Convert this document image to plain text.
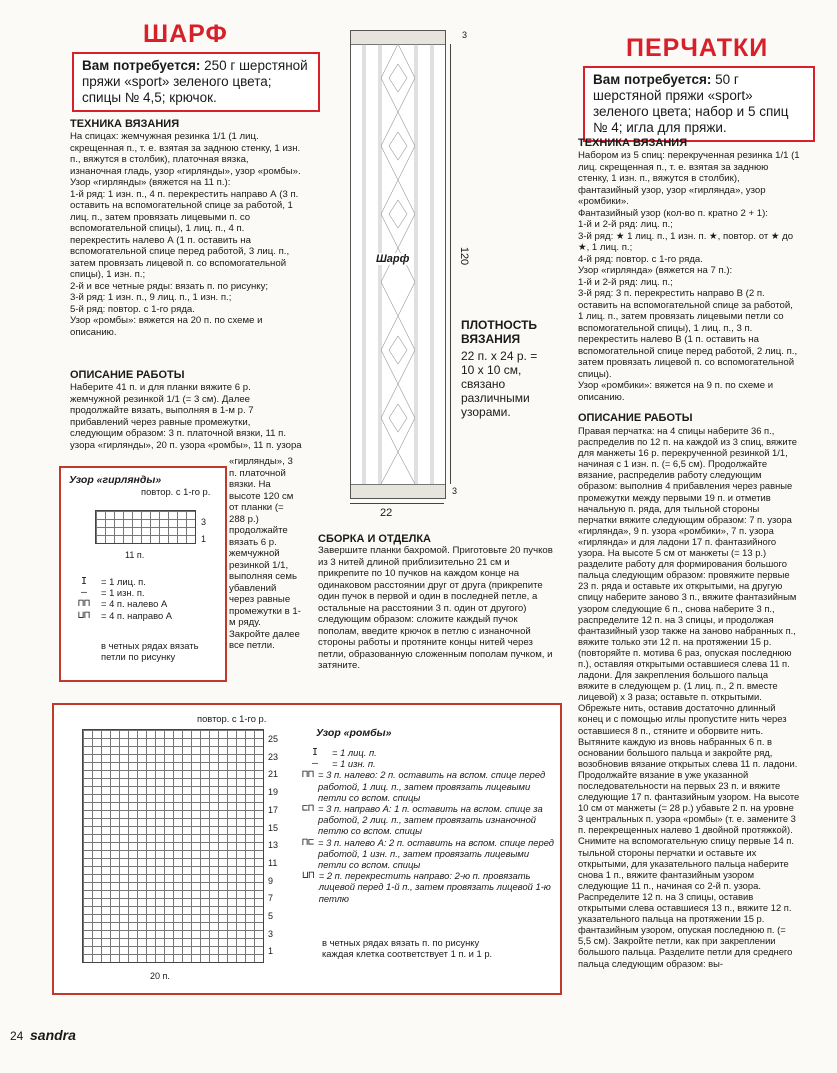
ШАРФ
Вам потребуется: 250 г шерстяной пряжи «sport» зеленого цвета; спицы № 4,5; крючок.
ТЕХНИКА ВЯЗАНИЯ
На спицах: жемчужная резинка 1/1 (1 лиц. скрещенная п., т. е. взятая за заднюю стенку, 1 изн. п., вяжутся в столбик), платочная вязка, изнаночная гладь, узор «гирлянды», узор «ромбы».
Узор «гирлянды» (вяжется на 11 п.):
1-й ряд: 1 изн. п., 4 п. перекрестить направо А (3 п. оставить на вспомогательной спице за работой, 1 лиц. п., затем провязать лицевыми п. со вспомогательной спицы), 1 лиц. п., 4 п. перекрестить налево А (1 п. оставить на вспомогательной спице перед работой, 3 лиц. п., затем провязать лицевой п. со вспомогательной спицы), 1 изн. п.;
2-й и все четные ряды: вязать п. по рисунку;
3-й ряд: 1 изн. п., 9 лиц. п., 1 изн. п.;
5-й ряд: повтор. с 1-го ряда.
Узор «ромбы»: вяжется на 20 п. по схеме и описанию.
ОПИСАНИЕ РАБОТЫ
Наберите 41 п. и для планки вяжите 6 р. жемчужной резинкой 1/1 (= 3 см). Далее продолжайте вязать, выполняя в 1-м р. 7 прибавлений через равные промежутки, следующим образом: 3 п. платочной вязки, 11 п. узора «гирлянды», 20 п. узора «ромбы», 11 п. узора
«гирлянды», 3 п. платочной вязки. На высоте 120 см от планки (= 288 р.) продолжайте вязать 6 р. жемчужной резинкой 1/1, выполняя семь убавлений через равные промежутки в 1-м ряду. Закройте далее все петли.
Узор «гирлянды»
повтор. с 1-го р.
3
1
11 п.
I	= 1 лиц. п.
–	= 1 изн. п.
⊓⊓	= 4 п. налево А
⊔⊓	= 4 п. направо А
в четных рядах вязать петли по рисунку
Шарф
3
120
3
22
ПЛОТНОСТЬ ВЯЗАНИЯ
22 п. х 24 р. = 10 х 10 см, связано различными узорами.
СБОРКА И ОТДЕЛКА
Завершите планки бахромой. Приготовьте 20 пучков из 3 нитей длиной приблизительно 21 см и прикрепите по 10 пучков на каждом конце на одинаковом расстоянии друг от друга (прикрепите один пучок в первой и один в последней петле, а остальные на расстоянии 3 п. один от другого) следующим образом: сложите каждый пучок пополам, введите крючок в петлю с изнаночной стороны работы и протяните концы нитей через петли, образованную сложенным пополам пучком, и затяните.
повтор. с 1-го р.
25
23
21
19
17
15
13
11
9
7
5
3
1
20 п.
Узор «ромбы»
I	= 1 лиц. п.
–	= 1 изн. п.
⊓⊓ = 3 п. налево: 2 п. оставить на вспом. спице перед работой, 1 лиц. п., затем провязать лицевыми петли со вспом. спицы
⊏⊓ = 3 п. направо А: 1 п. оставить на вспом. спице за работой, 2 лиц. п., затем провязать изнаночной петлю со вспом. спицы
⊓⊏ = 3 п. налево А: 2 п. оставить на вспом. спице перед работой, 1 изн. п., затем провязать лицевыми петли со вспом. спицы
⊔⊓ = 2 п. перекрестить направо: 2-ю п. провязать лицевой перед 1-й п., затем провязать лицевой 1-ю петлю
в четных рядах вязать п. по рисунку
каждая клетка соответствует 1 п. и 1 р.
ПЕРЧАТКИ
Вам потребуется: 50 г шерстяной пряжи «sport» зеленого цвета; набор и 5 спиц № 4; игла для пряжи.
ТЕХНИКА ВЯЗАНИЯ
Набором из 5 спиц: перекрученная резинка 1/1 (1 лиц. скрещенная п., т. е. взятая за заднюю стенку, 1 изн. п., вяжутся в столбик), фантазийный узор, узор «гирлянда», узор «ромбики».
Фантазийный узор (кол-во п. кратно 2 + 1):
1-й и 2-й ряд: лиц. п.;
3-й ряд: ★ 1 лиц. п., 1 изн. п. ★, повтор. от ★ до ★, 1 лиц. п.;
4-й ряд: повтор. с 1-го ряда.
Узор «гирлянда» (вяжется на 7 п.):
1-й и 2-й ряд: лиц. п.;
3-й ряд: 3 п. перекрестить направо В (2 п. оставить на вспомогательной спице за работой, 1 лиц. п., затем провязать лицевыми петли со вспомогательной спицы), 1 лиц. п., 3 п. перекрестить налево В (1 п. оставить на вспомогательной спице перед работой, 2 лиц. п., затем провязать лицевой п. со вспомогательной спицы).
Узор «ромбики»: вяжется на 9 п. по схеме и описанию.
ОПИСАНИЕ РАБОТЫ
Правая перчатка: на 4 спицы наберите 36 п., распределив по 12 п. на каждой из 3 спиц, вяжите для манжеты 16 р. перекрученной резинкой 1/1, начиная с 1 изн. п. (= 6,5 см). Продолжайте вязание, распределив работу следующим образом: выполнив 4 прибавления через равные промежутки между первыми 19 п. и отметив начальную п. ряда, для тыльной стороны перчатки вяжите следующим образом: 7 п. узора «гирлянда», 9 п. узора «ромбики», 7 п. узора «гирлянда» и для ладони 17 п. фантазийного узора. На высоте 5 см от манжеты (= 13 р.) разделите работу для формирования большого пальца следующим образом: провяжите первые 23 п. ряда и оставьте их открытыми, на другую спицу наберите заново 3 п., вяжите фантазийным узором следующие 6 п., снова наберите 3 п., распределите 12 п. на 3 спицы, и продолжая фантазийный узор также на заново набранных п., вяжите только эти 12 п. на протяжении 15 р. (повторяйте п. мотива 6 раз, опуская последнюю п.), оставляя открытыми оставшиеся слева 11 п. ладони. Для закрепления большого пальца вяжите в следующем р. (1 лиц. п., 2 п. вместе лицевой) х 3 раза; оставьте п. открытыми. Обрежьте нить, оставив достаточно длинный конец и с помощью иглы пропустите нить через оставшиеся 8 п., стяните и оборвите нить. Вытяните каждую из вновь набранных 6 п. в основании большого пальца и закройте ряд, возобновив вязание открытых слева 11 п. ладони. Продолжайте вязание в уже указанной последовательности на первых 23 п. и вяжите следующие 17 п. фантазийным узором. На высоте 10 см от манжеты (= 28 р.) убавьте 2 п. на уровне 3 центральных п. узора «ромбы» (т. е. замените 3 п. перекрещенных налево 1 двойной протяжкой). Снимите на вспомогательную спицу первые 14 п. тыльной стороны перчатки и оставьте их открытыми, для указательного пальца наберите снова 1 п., вяжите фантазийным узором следующие 11 п., начиная со 2-й п. узора. Распределите 12 п. на 3 спицы, оставив открытыми слева оставшиеся 13 п., вяжите 12 п. указательного пальца на протяжении 15 р. фантазийным узором, опуская последнюю п. (= 5,5 см). Закройте петли, как при закреплении большого пальца. Разделите петли для среднего пальца следующим образом: вы-
24 sandra
